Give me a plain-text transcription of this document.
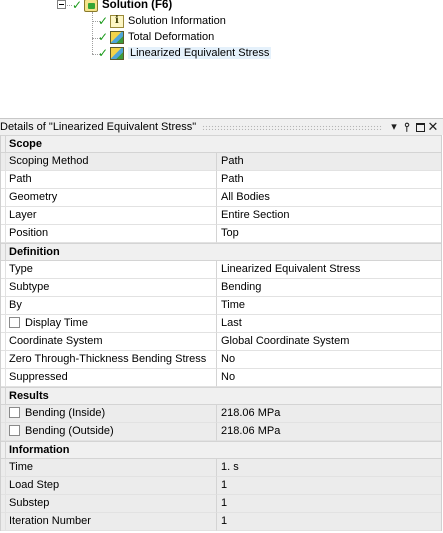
✓ Solution (F6)
✓ i Solution Information
✓ Total Deformation
✓ Linearized Equivalent Stress
Details of "Linearized Equivalent Stress"	▾ ⫯ ✕
Scope
Scoping Method	Path
Path	Path
Geometry	All Bodies
Layer	Entire Section
Position	Top
Definition
Type	Linearized Equivalent Stress
Subtype	Bending
By	Time
Display Time	Last
Coordinate System	Global Coordinate System
Zero Through-Thickness Bending Stress	No
Suppressed	No
Results
Bending (Inside)	218.06 MPa
Bending (Outside)	218.06 MPa
Information
Time	1. s
Load Step	1
Substep	1
Iteration Number	1
